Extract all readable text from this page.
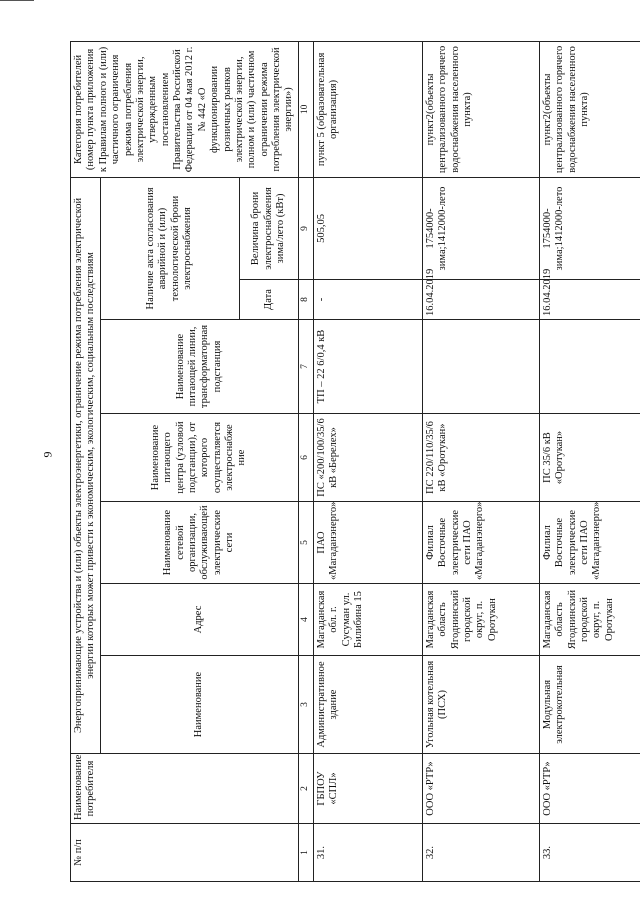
9
№ п/п	Наименование потребителя	Энергопринимающие устройства и (или) объекты электроэнергетики, ограничение режима потребления электрической энергии которых может привести к экономическим, экологическим, социальным последствиям							Категория потребителей (номер пункта приложения к Правилам полного и (или) частичного ограничения режима потребления электрической энергии, утвержденным постановлением Правительства Российской Федерации от 04 мая 2012 г. № 442 «О функционировании розничных рынков электрической энергии, полном и (или) частичном ограничении режима потребления электрической энергии»)
		Наименование	Адрес	Наименование сетевой организации, обслуживающей электрические сети	Наименование питающего центра (узловой подстанции), от которого осуществляется электроснабже ние	Наименование питающей линии, трансформаторная подстанция	Наличие акта согласования аварийной и (или) технологической брони электроснабжения		
							Дата	Величина брони электроснабжения зима/лето (кВт)	
1	2	3	4	5	6	7	8	9	10
31.	ГБПОУ «СПЛ»	Административное здание	Магаданская обл. г. Сусуман ул. Билибина 15	ПАО «Магаданэнерго»	ПС «200/100/35/6 кВ «Берелех»	ТП – 22 6/0,4 кВ	-	505,05	пункт 5 (образовательная организация)
32.	ООО «РТР»	Угольная котельная (ПСХ)	Магаданская область Ягоднинский городской округ, п. Оротукан	Филиал Восточные электрические сети ПАО «Магаданэнерго»	ПС 220/110/35/6 кВ «Оротукан»		16.04.2019	1754000-зима;1412000-лето	пункт2(объекты централизованного горячего водоснабжения населенного пункта)
33.	ООО «РТР»	Модульная электрокотельная	Магаданская область Ягоднинский городской округ, п. Оротукан	Филиал Восточные электрические сети ПАО «Магаданэнерго»	ПС 35/6 кВ «Оротукан»		16.04.2019	1754000-зима;1412000-лето	пункт2(объекты централизованного горячего водоснабжения населенного пункта)
